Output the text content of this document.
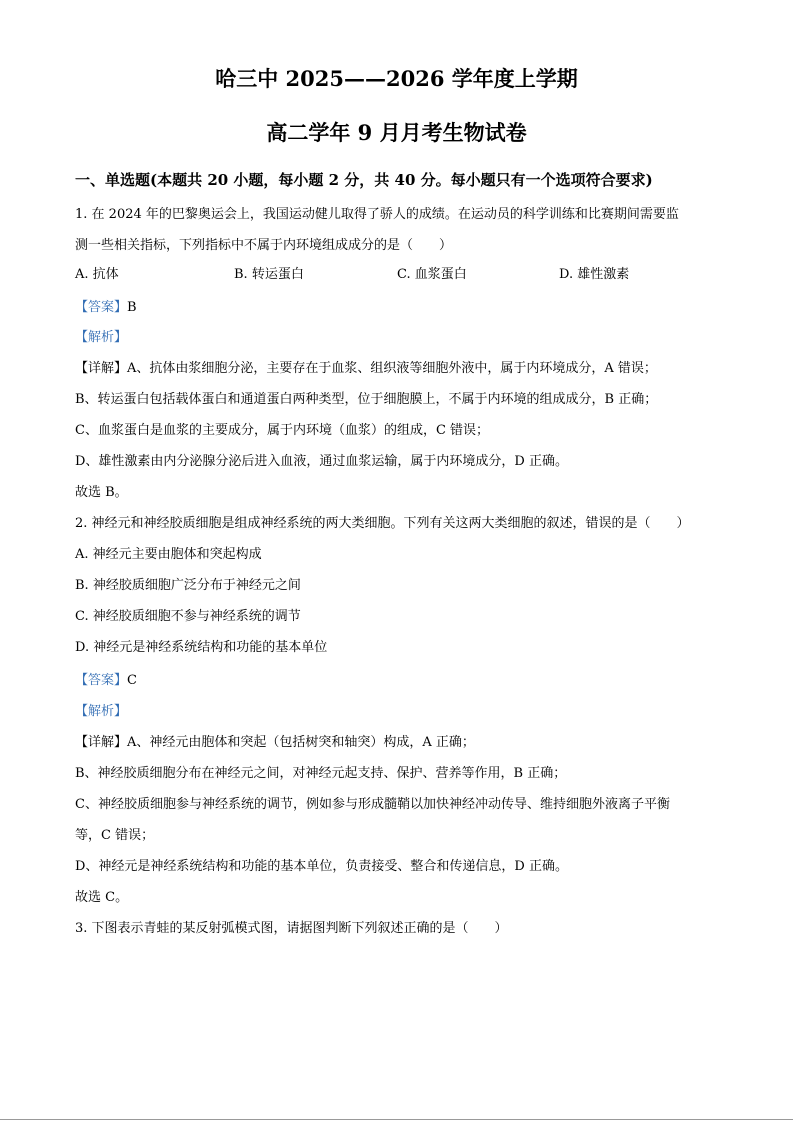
哈三中 2025——2026 学年度上学期
高二学年 9 月月考生物试卷
一、单选题(本题共 20 小题，每小题 2 分，共 40 分。每小题只有一个选项符合要求)
1. 在 2024 年的巴黎奥运会上，我国运动健儿取得了骄人的成绩。在运动员的科学训练和比赛期间需要监
测一些相关指标，下列指标中不属于内环境组成成分的是（　　）
A. 抗体	B. 转运蛋白	C. 血浆蛋白	D. 雄性激素
【答案】B
【解析】
【详解】A、抗体由浆细胞分泌，主要存在于血浆、组织液等细胞外液中，属于内环境成分，A 错误；
B、转运蛋白包括载体蛋白和通道蛋白两种类型，位于细胞膜上，不属于内环境的组成成分，B 正确；
C、血浆蛋白是血浆的主要成分，属于内环境（血浆）的组成，C 错误；
D、雄性激素由内分泌腺分泌后进入血液，通过血浆运输，属于内环境成分，D 正确。
故选 B。
2. 神经元和神经胶质细胞是组成神经系统的两大类细胞。下列有关这两大类细胞的叙述，错误的是（　　）
A. 神经元主要由胞体和突起构成
B. 神经胶质细胞广泛分布于神经元之间
C. 神经胶质细胞不参与神经系统的调节
D. 神经元是神经系统结构和功能的基本单位
【答案】C
【解析】
【详解】A、神经元由胞体和突起（包括树突和轴突）构成，A 正确；
B、神经胶质细胞分布在神经元之间，对神经元起支持、保护、营养等作用，B 正确；
C、神经胶质细胞参与神经系统的调节，例如参与形成髓鞘以加快神经冲动传导、维持细胞外液离子平衡
等，C 错误；
D、神经元是神经系统结构和功能的基本单位，负责接受、整合和传递信息，D 正确。
故选 C。
3. 下图表示青蛙的某反射弧模式图，请据图判断下列叙述正确的是（　　）
